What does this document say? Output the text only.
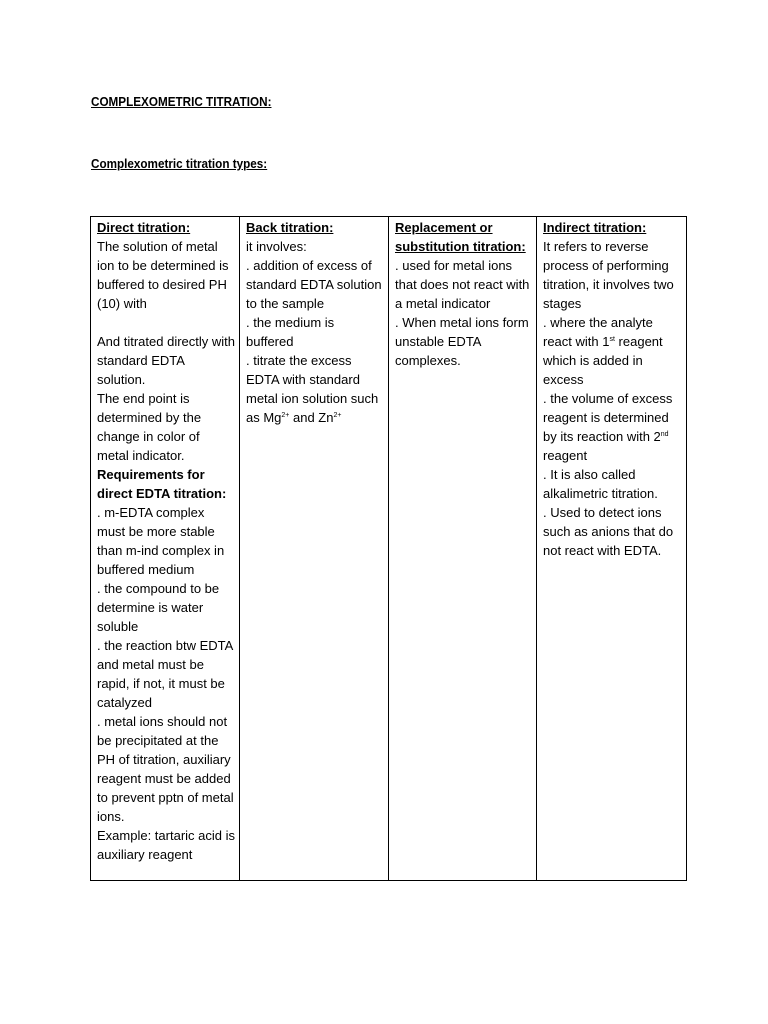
COMPLEXOMETRIC TITRATION:

Complexometric titration types:

Direct titration:
The solution of metal ion to be determined is buffered to desired PH (10) with
And titrated directly with standard EDTA solution.
The end point is determined by the change in color of metal indicator.
Requirements for direct EDTA titration:
. m-EDTA complex must be more stable than m-ind complex in buffered medium
. the compound to be determine is water soluble
. the reaction btw EDTA and metal must be rapid, if not, it must be catalyzed
. metal ions should not be precipitated at the PH of titration, auxiliary reagent must be added to prevent pptn of metal ions.
Example: tartaric acid is auxiliary reagent

Back titration:
it involves:
. addition of excess of standard EDTA solution to the sample
. the medium is buffered
. titrate the excess EDTA with standard metal ion solution such as $Mg^{2+}$ and $Zn^{2+}$

Replacement or substitution titration:
. used for metal ions that does not react with a metal indicator
. When metal ions form unstable EDTA complexes.

Indirect titration:
It refers to reverse process of performing titration, it involves two stages
. where the analyte react with 1st reagent which is added in excess
. the volume of excess reagent is determined by its reaction with 2nd reagent
. It is also called alkalimetric titration.
. Used to detect ions such as anions that do not react with EDTA.
